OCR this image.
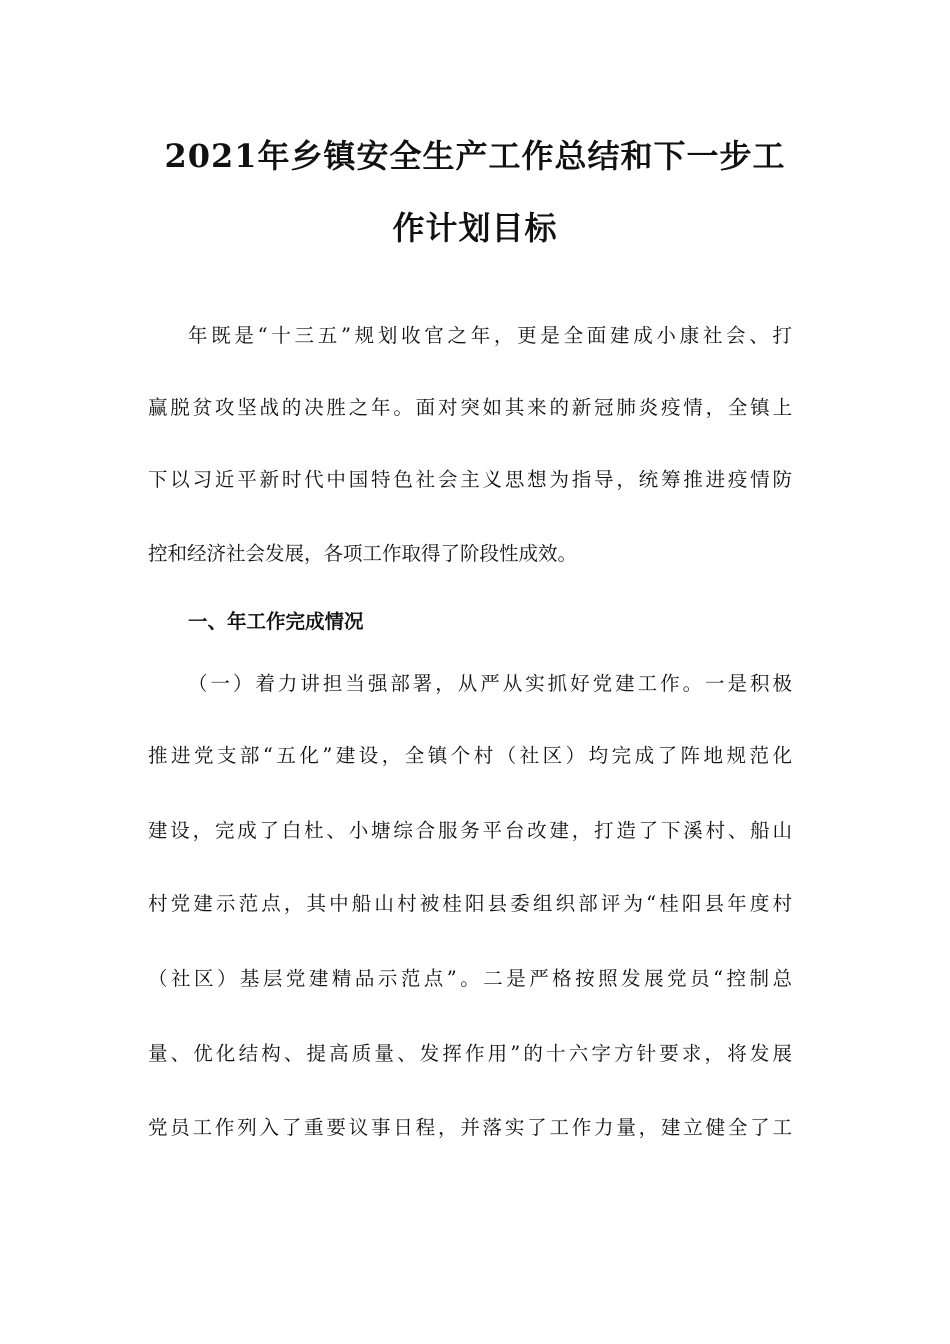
2021年乡镇安全生产工作总结和下一步工
作计划目标
年既是“十三五”规划收官之年，更是全面建成小康社会、打
赢脱贫攻坚战的决胜之年。面对突如其来的新冠肺炎疫情，全镇上
下以习近平新时代中国特色社会主义思想为指导，统筹推进疫情防
控和经济社会发展，各项工作取得了阶段性成效。
一、年工作完成情况
（一）着力讲担当强部署，从严从实抓好党建工作。一是积极
推进党支部“五化”建设，全镇个村（社区）均完成了阵地规范化
建设，完成了白杜、小塘综合服务平台改建，打造了下溪村、船山
村党建示范点，其中船山村被桂阳县委组织部评为“桂阳县年度村
（社区）基层党建精品示范点”。二是严格按照发展党员“控制总
量、优化结构、提高质量、发挥作用”的十六字方针要求，将发展
党员工作列入了重要议事日程，并落实了工作力量，建立健全了工
